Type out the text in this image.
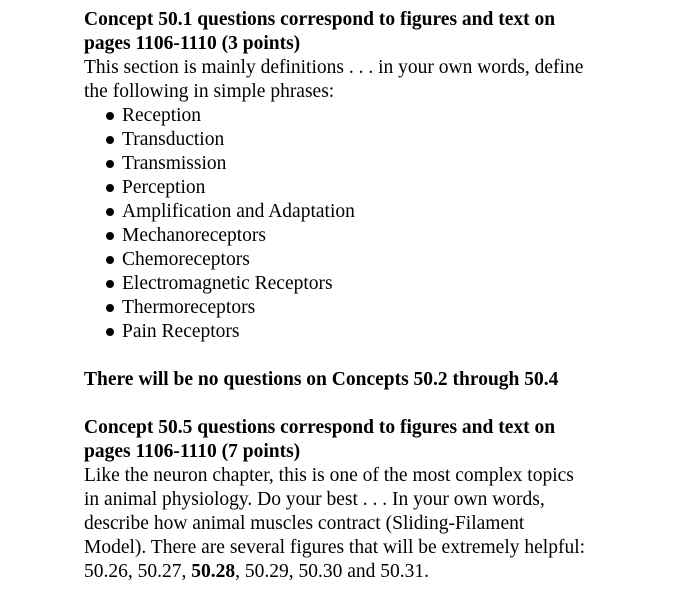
Concept 50.1 questions correspond to figures and text on
pages 1106-1110 (3 points)

This section is mainly definitions . . . in your own words, define
the following in simple phrases:

Reception
Transduction
Transmission
Perception
Amplification and Adaptation
Mechanoreceptors
Chemoreceptors
Electromagnetic Receptors
Thermoreceptors
Pain Receptors

There will be no questions on Concepts 50.2 through 50.4

Concept 50.5 questions correspond to figures and text on
pages 1106-1110 (7 points)

Like the neuron chapter, this is one of the most complex topics
in animal physiology. Do your best . . . In your own words,
describe how animal muscles contract (Sliding-Filament
Model). There are several figures that will be extremely helpful:
50.26, 50.27, 50.28, 50.29, 50.30 and 50.31.
